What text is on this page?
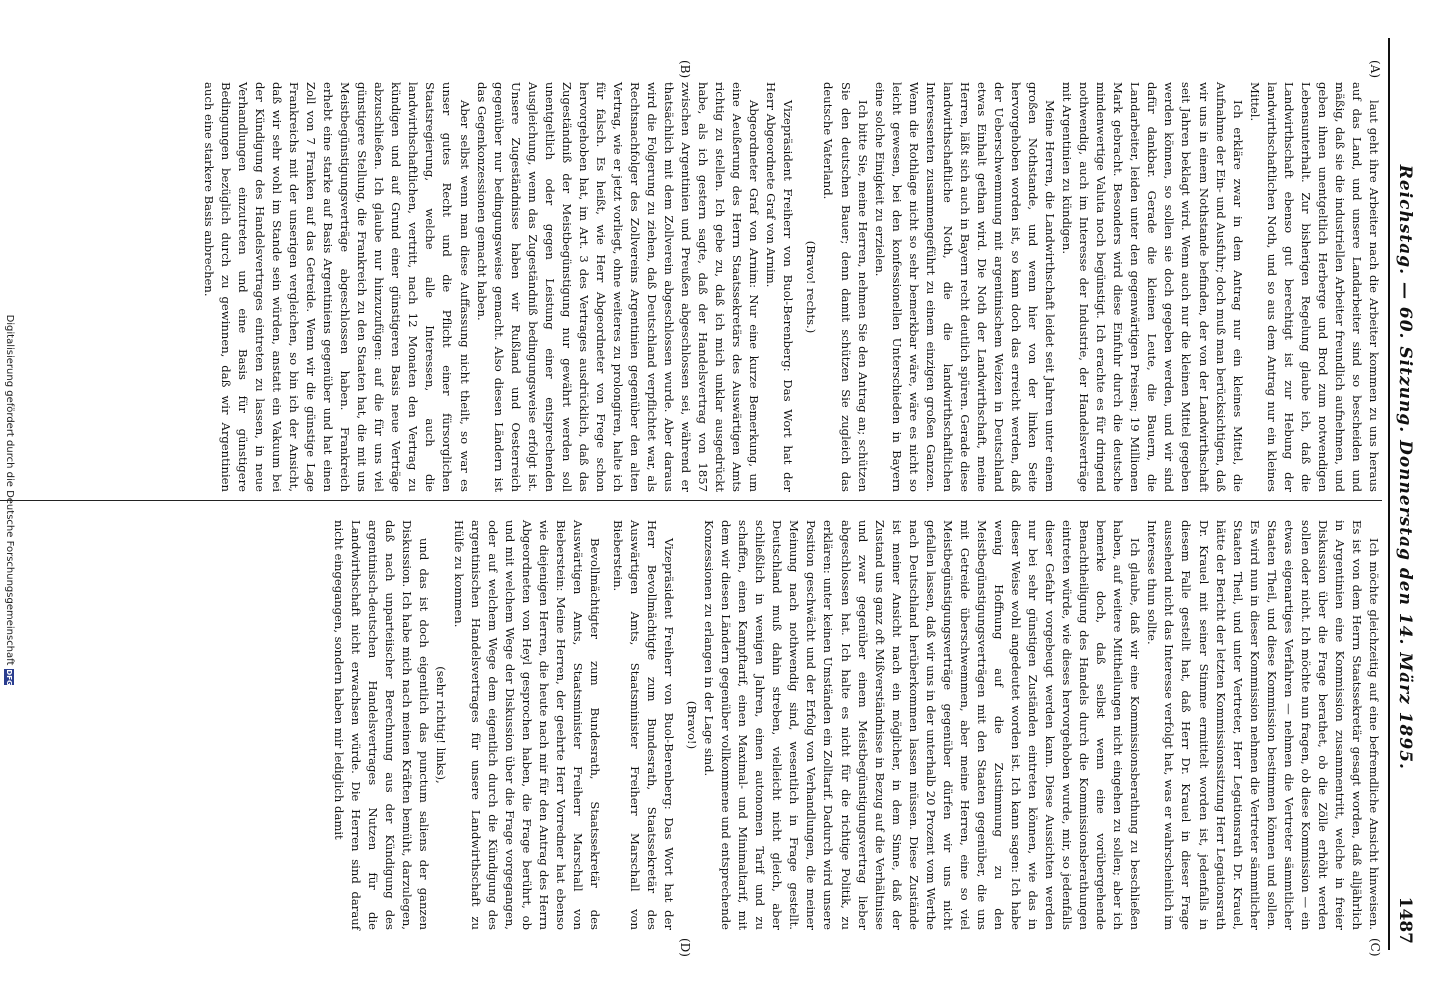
Reichstag. — 60. Sitzung. Donnerstag den 14. März 1895.
1487
(A)
(B)
(C)
(D)

laut geht ihre Arbeiter nach die Arbeiter kommen zu uns heraus auf das Land, und unsere Landarbeiter sind so bescheiden und mäßig, daß sie die industriellen Arbeiter freundlich aufnehmen, und geben ihnen unentgeltlich Herberge und Brod zum notwendigen Lebensunterhalt. Zur bisherigen Regelung glaube ich, daß die Landwirthschaft ebenso gut berechtigt ist zur Hebung der landwirthschaftlichen Noth, und so aus dem Antrag nur ein kleines Mittel.

Ich erkläre zwar in dem Antrag nur ein kleines Mittel, die Aufnahme der Ein- und Ausfuhr; doch muß man berücksichtigen, daß wir uns in einem Nothstande befinden, der von der Landwirthschaft seit Jahren beklagt wird. Wenn auch nur die kleinen Mittel gegeben werden können, so sollen sie doch gegeben werden, und wir sind dafür dankbar. Gerade die kleinen Leute, die Bauern, die Landarbeiter, leiden unter den gegenwärtigen Preisen; 19 Millionen Mark gebracht. Besonders wird diese Einfuhr durch die deutsche mindenwertige Valuta noch begünstigt. Ich erachte es für dringend nothwendig, auch im Interesse der Industrie, der Handelsverträge mit Argentinien zu kündigen.

Meine Herren, die Landwirthschaft leidet seit Jahren unter einem großen Nothstande, und wenn hier von der linken Seite hervorgehoben worden ist, so kann doch das erreicht werden, daß der Ueberschwemmung mit argentinischem Weizen in Deutschland etwas Einhalt gethan wird. Die Noth der Landwirthschaft, meine Herren, läßt sich auch in Bayern recht deutlich spüren. Gerade diese landwirthschaftliche Noth, die die landwirthschaftlichen Interessenten zusammengeführt zu einem einzigen großen Ganzen. Wenn die Rothlage nicht so sehr bemerkbar wäre, wäre es nicht so leicht gewesen, bei den konfessionellen Unterschieden in Bayern eine solche Einigkeit zu erzielen.

Ich bitte Sie, meine Herren, nehmen Sie den Antrag an; schützen Sie den deutschen Bauer; denn damit schützen Sie zugleich das deutsche Vaterland.

(Bravo! rechts.)

Vizepräsident Freiherr von Buol-Berenberg: Das Wort hat der Herr Abgeordnete Graf von Arnim.

Abgeordneter Graf von Arnim: Nur eine kurze Bemerkung, um eine Aeußerung des Herrn Staatssekretärs des Auswärtigen Amts richtig zu stellen. Ich gebe zu, daß ich mich unklar ausgedrückt habe, als ich gestern sagte, daß der Handelsvertrag von 1857 zwischen Argentinien und Preußen abgeschlossen sei, während er thatsächlich mit dem Zollverein abgeschlossen wurde. Aber daraus wird die Folgerung zu ziehen, daß Deutschland verpflichtet war, als Rechtsnachfolger des Zollvereins Argentinien gegenüber den alten Vertrag, wie er jetzt vorliegt, ohne weiteres zu prolongiren, halte ich für falsch. Es heißt, wie Herr Abgeordneter von Frege schon hervorgehoben hat, im Art. 3 des Vertrages ausdrücklich, daß das Zugeständniß der Meistbegünstigung nur gewährt werden soll unentgeltlich oder gegen Leistung einer entsprechenden Ausgleichung, wenn das Zugeständniß bedingungsweise erfolgt ist. Unsere Zugeständnisse haben wir Rußland und Oesterreich gegenüber nur bedingungsweise gemacht. Also diesen Ländern ist das Gegenkonzessionen gemacht haben.

Aber selbst wenn man diese Auffassung nicht theilt, so war es unser gutes Recht und die Pflicht einer fürsorglichen Staatsregierung, welche alle Interessen, auch die landwirthschaftlichen, vertritt, nach 12 Monaten den Vertrag zu kündigen und auf Grund einer günstigeren Basis neue Verträge abzuschließen. Ich glaube nur hinzuzufügen: auf die für uns viel günstigere Stellung, die Frankreich zu den Staaten hat, die mit uns Meistbegünstigungsverträge abgeschlossen haben. Frankreich erhebt eine starke auf Basis Argentiniens gegenüber und hat einen Zoll von 7 Franken auf das Getreide. Wenn wir die günstige Lage Frankreichs mit der unserigen vergleichen, so bin ich der Ansicht, daß wir sehr wohl im Stande sein würden, anstatt ein Vakuum bei der Kündigung des Handelsvertrages eintreten zu lassen, in neue Verhandlungen einzutreten und eine Basis für günstigere Bedingungen bezüglich durch zu gewinnen, daß wir Argentinien auch eine starkere Basis anbrechen.

Ich möchte gleichzeitig auf eine befremdliche Ansicht hinweisen. Es ist von dem Herrn Staatssekretär gesagt worden, daß alljährlich in Argentinien eine Kommission zusammentritt, welche in freier Diskussion über die Frage berathet, ob die Zölle erhöht werden sollen oder nicht. Ich möchte nun fragen, ob diese Kommission — ein etwas eigenartiges Verfahren — nehmen die Vertreter sämmtlicher Staaten Theil, und diese Kommission bestimmen können und sollen. Es wird nun in dieser Kommission nehmen die Vertreter sämmtlicher Staaten Theil, und unter Vertreter, Herr Legationsrath Dr. Krauel, hätte der Bericht der letzten Kommissionssitzung Herr Legationsrath Dr. Krauel mit seiner Stimme ermittelt worden ist, jedenfalls in diesem Falle gestellt hat, daß Herr Dr. Krauel in dieser Frage aussehend nicht das Interesse verfolgt hat, was er wahrscheinlich im Interesse thun sollte.

Ich glaube, daß wir eine Kommissionsberathung zu beschließen haben, auf weitere Mittheilungen nicht eingehen zu sollen; aber ich bemerke doch, daß selbst wenn eine vorübergehende Benachtheiligung des Handels durch die Kommissionsberathungen eintreten würde, wie dieses hervorgehoben wurde, mir, so jedenfalls dieser Gefahr vorgebeugt werden kann. Diese Aussichten werden nur bei sehr günstigen Zuständen eintreten können, wie das in dieser Weise wohl angedeutet worden ist. Ich kann sagen: Ich habe wenig Hoffnung auf die Zustimmung zu den Meistbegünstigungsverträgen mit den Staaten gegenüber, die uns mit Getreide überschwemmen, aber meine Herren, eine so viel Meistbegünstigungsverträge gegenüber dürfen wir uns nicht gefallen lassen, daß wir uns in der unterhalb 20 Prozent vom Werthe nach Deutschland herüberkommen lassen müssen. Diese Zustände ist meiner Ansicht nach ein möglicher, in dem Sinne, daß der Zustand uns ganz oft Mißverständnisse in Bezug auf die Verhältnisse und zwar gegenüber einem Meistbegünstigungsvertrag lieber abgeschlossen hat. Ich halte es nicht für die richtige Politik, zu erklären: unter keinen Umständen ein Zolltarif. Dadurch wird unsere Position geschwächt und der Erfolg von Verhandlungen, die meiner Meinung nach nothwendig sind, wesentlich in Frage gestellt. Deutschland muß dahin streben, vielleicht nicht gleich, aber schließlich in wenigen Jahren, einen autonomen Tarif und zu schaffen, einen Kampftarif, einen Maximal- und Minimaltarif, mit dem wir diesen Ländern gegenüber vollkommene und entsprechende Konzessionen zu erlangen in der Lage sind.

(Bravo!)

Vizepräsident Freiherr von Buol-Berenberg: Das Wort hat der Herr Bevollmächtigte zum Bundesrath, Staatssekretär des Auswärtigen Amts, Staatsminister Freiherr Marschall von Bieberstein.

Bevollmächtigter zum Bundesrath, Staatssekretär des Auswärtigen Amts, Staatsminister Freiherr Marschall von Bieberstein: Meine Herren, der geehrte Herr Vorredner hat ebenso wie diejenigen Herren, die heute nach mir für den Antrag des Herrn Abgeordneten von Heyl gesprochen haben, die Frage berührt, ob und mit welchem Wege der Diskussion über die Frage vorgegangen, oder auf welchem Wege dem eigentlich durch die Kündigung des argentinischen Handelsvertrages für unsere Landwirthschaft zu Hülfe zu kommen.

(sehr richtig! links),

und das ist doch eigentlich das punctum saliens der ganzen Diskussion. Ich habe mich nach meinen Kräften bemüht, darzulegen, daß nach unparteiischer Berechnung aus der Kündigung des argentinisch-deutschen Handelsvertrages Nutzen für die Landwirthschaft nicht erwachsen würde. Die Herren sind darauf nicht eingegangen, sondern haben mir lediglich damit

Digitalisierung gefördert durch die Deutsche Forschungsgemeinschaft
DFG
